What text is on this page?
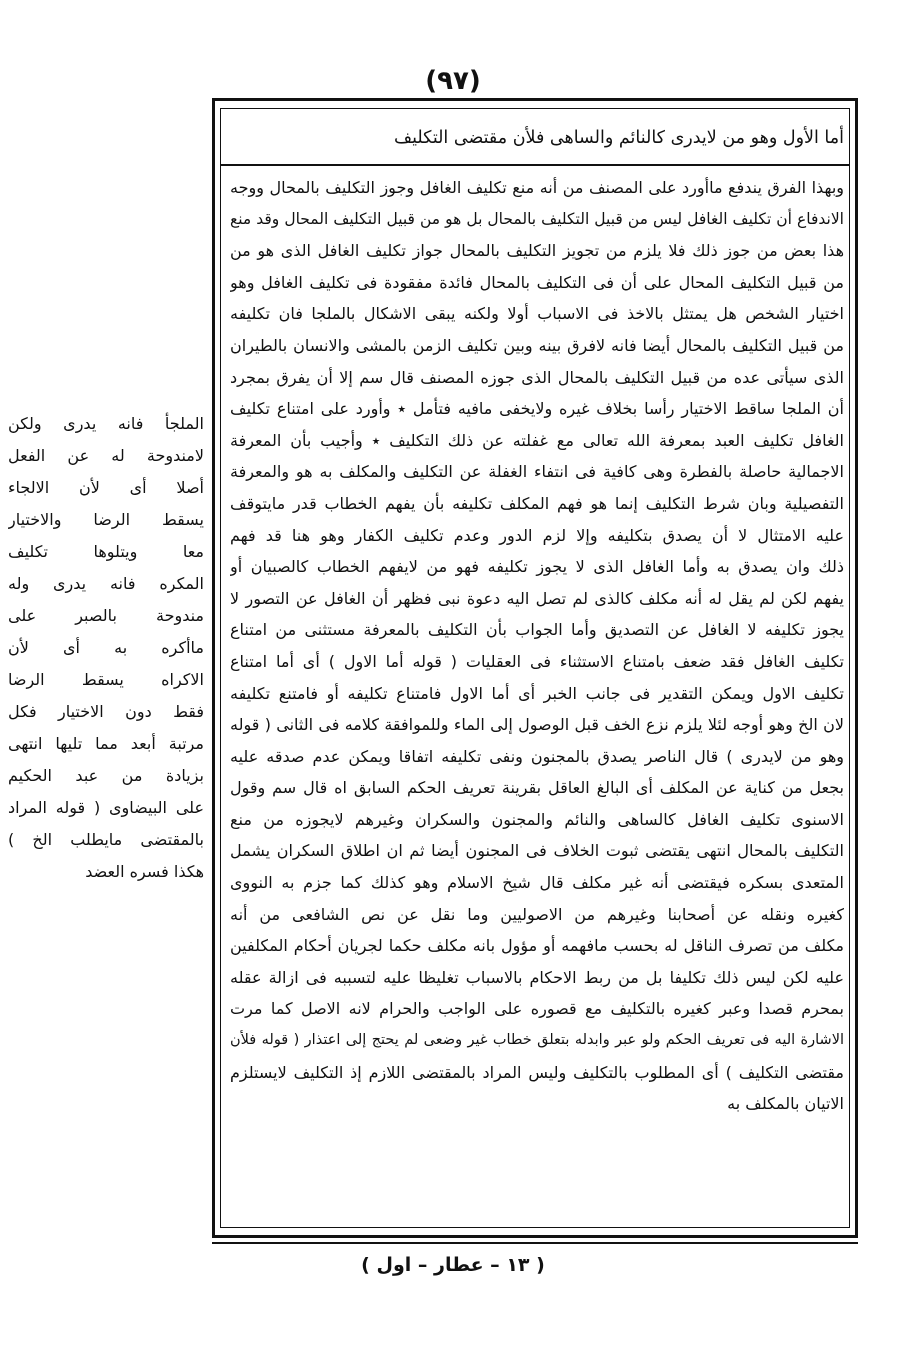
(٩٧)
أما الأول وهو من لايدرى كالنائم والساهى فلأن مقتضى التكليف
وبهذا الفرق يندفع ماأورد على المصنف من أنه منع تكليف الغافل وجوز التكليف بالمحال ووجه
الاندفاع أن تكليف الغافل ليس من قبيل التكليف بالمحال بل هو من قبيل التكليف المحال وقد منع
هذا بعض من جوز ذلك فلا يلزم من تجويز التكليف بالمحال جواز تكليف الغافل الذى هو من
من قبيل التكليف المحال على أن فى التكليف بالمحال فائدة مفقودة فى تكليف الغافل وهو
اختيار الشخص هل يمتثل بالاخذ فى الاسباب أولا ولكنه يبقى الاشكال بالملجا فان تكليفه
من قبيل التكليف بالمحال أيضا فانه لافرق بينه وبين تكليف الزمن بالمشى والانسان بالطيران
الذى سيأتى عده من قبيل التكليف بالمحال الذى جوزه المصنف قال سم إلا أن يفرق بمجرد
أن الملجا ساقط الاختيار رأسا بخلاف غيره ولايخفى مافيه فتأمل ٭ وأورد على امتناع تكليف
الغافل تكليف العبد بمعرفة الله تعالى مع غفلته عن ذلك التكليف ٭ وأجيب بأن المعرفة
الاجمالية حاصلة بالفطرة وهى كافية فى انتفاء الغفلة عن التكليف والمكلف به هو والمعرفة
التفصيلية وبان شرط التكليف إنما هو فهم المكلف تكليفه بأن يفهم الخطاب قدر مايتوقف
عليه الامتثال لا أن يصدق بتكليفه وإلا لزم الدور وعدم تكليف الكفار وهو هنا قد فهم
ذلك وان يصدق به وأما الغافل الذى لا يجوز تكليفه فهو من لايفهم الخطاب كالصبيان أو
يفهم لكن لم يقل له أنه مكلف كالذى لم تصل اليه دعوة نبى فظهر أن الغافل عن التصور لا
يجوز تكليفه لا الغافل عن التصديق وأما الجواب بأن التكليف بالمعرفة مستثنى من امتناع
تكليف الغافل فقد ضعف بامتناع الاستثناء فى العقليات ( قوله أما الاول ) أى أما امتناع
تكليف الاول ويمكن التقدير فى جانب الخبر أى أما الاول فامتناع تكليفه أو فامتنع تكليفه
لان الخ وهو أوجه لئلا يلزم نزع الخف قبل الوصول إلى الماء وللموافقة كلامه فى الثانى ( قوله
وهو من لايدرى ) قال الناصر يصدق بالمجنون ونفى تكليفه اتفاقا ويمكن عدم صدقه عليه
بجعل من كناية عن المكلف أى البالغ العاقل بقرينة تعريف الحكم السابق اه قال سم وقول
الاسنوى تكليف الغافل كالساهى والنائم والمجنون والسكران وغيرهم لايجوزه من منع
التكليف بالمحال انتهى يقتضى ثبوت الخلاف فى المجنون أيضا ثم ان اطلاق السكران يشمل
المتعدى بسكره فيقتضى أنه غير مكلف قال شيخ الاسلام وهو كذلك كما جزم به النووى
كغيره ونقله عن أصحابنا وغيرهم من الاصوليين وما نقل عن نص الشافعى من أنه
مكلف من تصرف الناقل له بحسب مافهمه أو مؤول بانه مكلف حكما لجريان أحكام المكلفين
عليه لكن ليس ذلك تكليفا بل من ربط الاحكام بالاسباب تغليظا عليه لتسببه فى ازالة عقله
بمحرم قصدا وعبر كغيره بالتكليف مع قصوره على الواجب والحرام لانه الاصل كما مرت
الاشارة اليه فى تعريف الحكم ولو عبر وابدله بتعلق خطاب غير وضعى لم يحتج إلى اعتذار ( قوله فلأن
مقتضى التكليف ) أى المطلوب بالتكليف وليس المراد بالمقتضى اللازم إذ التكليف لايستلزم
الاتيان بالمكلف به
الملجأ فانه يدرى ولكن
لامندوحة له عن الفعل
أصلا أى لأن الالجاء
يسقط الرضا والاختيار
معا ويتلوها تكليف
المكره فانه يدرى وله
مندوحة بالصبر على
ماأكره به أى لأن
الاكراه يسقط الرضا
فقط دون الاختيار فكل
مرتبة أبعد مما تليها انتهى
بزيادة من عبد الحكيم
على البيضاوى ( قوله المراد
بالمقتضى مايطلب الخ )
هكذا فسره العضد
( ١٣ – عطار – اول )
